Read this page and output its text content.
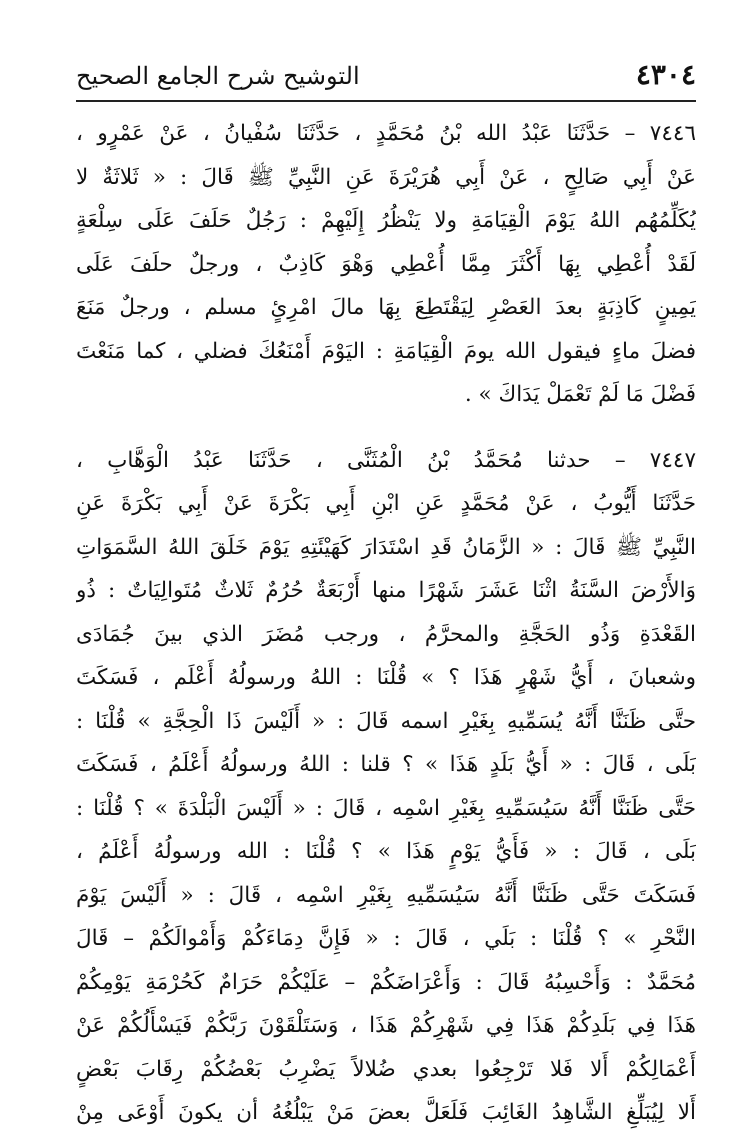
٤٣٠٤
التوشيح شرح الجامع الصحيح
٧٤٤٦ – حَدَّثَنَا عَبْدُ الله بْنُ مُحَمَّدٍ ، حَدَّثَنَا سُفْيانُ ، عَنْ عَمْرٍو ،
عَنْ أَبِي صَالِحٍ ، عَنْ أَبِي هُرَيْرَةَ عَنِ النَّبِيِّ ﷺ قَالَ : « ثَلاثَةٌ لا
يُكَلِّمُهُم اللهُ يَوْمَ الْقِيَامَةِ ولا يَنْظُرُ إِلَيْهِمْ : رَجُلٌ حَلَفَ عَلَى سِلْعَةٍ
لَقَدْ أُعْطِي بِهَا أَكْثَرَ مِمَّا أُعْطِي وَهْوَ كَاذِبٌ ، ورجلٌ حلَفَ عَلَى
يَمِينٍ كَاذِبَةٍ بعدَ العَصْرِ لِيَقْتَطِعَ بِهَا مالَ امْرِئٍ مسلم ، ورجلٌ مَنَعَ
فضلَ ماءٍ فيقول الله يومَ الْقِيَامَةِ : اليَوْمَ أَمْنَعُكَ فضلي ، كما مَنَعْتَ
فَضْلَ مَا لَمْ تَعْمَلْ يَدَاكَ » .
٧٤٤٧ – حدثنا مُحَمَّدُ بْنُ الْمُثَنَّى ، حَدَّثَنَا عَبْدُ الْوَهَّابِ ،
حَدَّثَنَا أَيُّوبُ ، عَنْ مُحَمَّدٍ عَنِ ابْنِ أَبِي بَكْرَةَ عَنْ أَبِي بَكْرَةَ عَنِ
النَّبِيِّ ﷺ قَالَ : « الزَّمَانُ قَدِ اسْتَدَارَ كَهَيْئَتِهِ يَوْمَ خَلَقَ اللهُ السَّمَوَاتِ
وَالأَرْضَ السَّنَةُ اثْنَا عَشَرَ شَهْرًا منها أَرْبَعَةٌ حُرُمٌ ثَلاثٌ مُتَوالِيَاتٌ : ذُو
القَعْدَةِ وَذُو الحَجَّةِ والمحرَّمُ ، ورجب مُضَرَ الذي بينَ جُمَادَى
وشعبانَ ، أَيُّ شَهْرٍ هَذَا ؟ » قُلْنَا : اللهُ ورسولُهُ أَعْلَم ، فَسَكَتَ
حتَّى ظَنَنَّا أَنَّهُ يُسَمِّيهِ بِغَيْرِ اسمه قَالَ : « أَلَيْسَ ذَا الْحِجَّةِ » قُلْنَا :
بَلَى ، قَالَ : « أَيُّ بَلَدٍ هَذَا » ؟ قلنا : اللهُ ورسولُهُ أَعْلَمُ ، فَسَكَتَ
حَتَّى ظَنَنَّا أَنَّهُ سَيُسَمِّيهِ بِغَيْرِ اسْمِه ، قَالَ : « أَلَيْسَ الْبَلْدَةَ » ؟ قُلْنَا :
بَلَى ، قَالَ : « فَأَيُّ يَوْمٍ هَذَا » ؟ قُلْنَا : الله ورسولُهُ أَعْلَمُ ،
فَسَكَتَ حَتَّى ظَنَنَّا أَنَّهُ سَيُسَمِّيهِ بِغَيْرِ اسْمِه ، قَالَ : « أَلَيْسَ يَوْمَ
النَّحْرِ » ؟ قُلْنَا : بَلَي ، قَالَ : « فَإِنَّ دِمَاءَكُمْ وَأَمْوالَكُمْ – قَالَ
مُحَمَّدٌ : وَأَحْسِبُهُ قَالَ : وَأَعْرَاضَكُمْ – عَلَيْكُمْ حَرَامٌ كَحُرْمَةِ يَوْمِكُمْ
هَذَا فِي بَلَدِكُمْ هَذَا فِي شَهْرِكُمْ هَذَا ، وَسَتَلْقَوْنَ رَبَّكُمْ فَيَسْأَلُكُمْ عَنْ
أَعْمَالِكُمْ أَلا فَلا تَرْجِعُوا بعدي ضُلالاً يَضْرِبُ بَعْضُكُمْ رِقَابَ بَعْضٍ
أَلا لِيُبَلِّغِ الشَّاهِدُ الغَائِبَ فَلَعَلَّ بعضَ مَنْ يَبْلُغُهُ أن يكونَ أَوْعَى مِنْ
